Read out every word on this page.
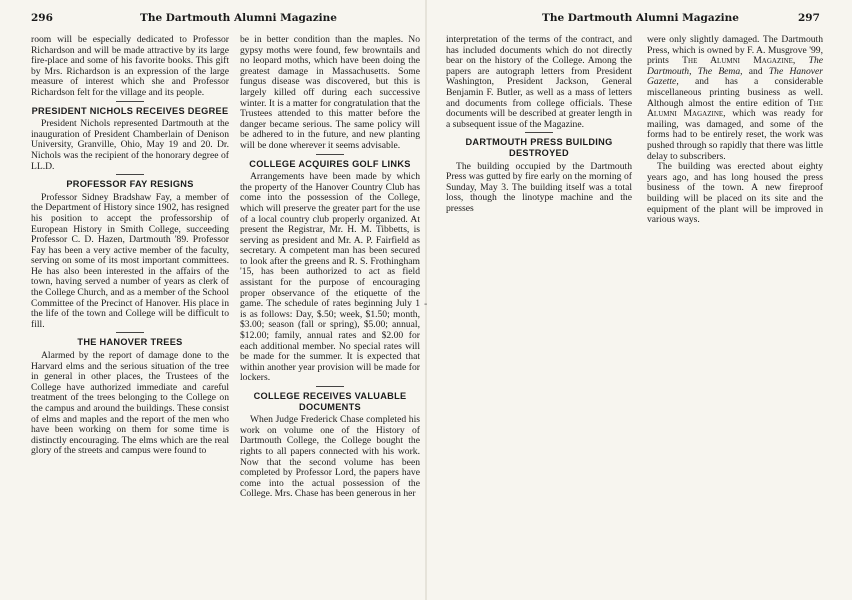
296	The Dartmouth Alumni Magazine

room will be especially dedicated to Professor Richardson and will be made attractive by its large fire-place and some of his favorite books. This gift by Mrs. Richardson is an expression of the large measure of interest which she and Professor Richardson felt for the village and its people.

PRESIDENT NICHOLS RECEIVES DEGREE

President Nichols represented Dartmouth at the inauguration of President Chamberlain of Denison University, Granville, Ohio, May 19 and 20. Dr. Nichols was the recipient of the honorary degree of LL.D.

PROFESSOR FAY RESIGNS

Professor Sidney Bradshaw Fay, a member of the Department of History since 1902, has resigned his position to accept the professorship of European History in Smith College, succeeding Professor C. D. Hazen, Dartmouth '89. Professor Fay has been a very active member of the faculty, serving on some of its most important committees. He has also been interested in the affairs of the town, having served a number of years as clerk of the College Church, and as a member of the School Committee of the Precinct of Hanover. His place in the life of the town and College will be difficult to fill.

THE HANOVER TREES

Alarmed by the report of damage done to the Harvard elms and the serious situation of the tree in general in other places, the Trustees of the College have authorized immediate and careful treatment of the trees belonging to the College on the campus and around the buildings. These consist of elms and maples and the report of the men who have been working on them for some time is distinctly encouraging. The elms which are the real glory of the streets and campus were found to

be in better condition than the maples. No gypsy moths were found, few browntails and no leopard moths, which have been doing the greatest damage in Massachusetts. Some fungus disease was discovered, but this is largely killed off during each successive winter. It is a matter for congratulation that the Trustees attended to this matter before the danger became serious. The same policy will be adhered to in the future, and new planting will be done wherever it seems advisable.

COLLEGE ACQUIRES GOLF LINKS

Arrangements have been made by which the property of the Hanover Country Club has come into the possession of the College, which will preserve the greater part for the use of a local country club properly organized. At present the Registrar, Mr. H. M. Tibbetts, is serving as president and Mr. A. P. Fairfield as secretary. A competent man has been secured to look after the greens and R. S. Frothingham '15, has been authorized to act as field assistant for the purpose of encouraging proper observance of the etiquette of the game. The schedule of rates beginning July 1 is as follows: Day, $.50; week, $1.50; month, $3.00; season (fall or spring), $5.00; annual, $12.00; family, annual rates and $2.00 for each additional member. No special rates will be made for the summer. It is expected that within another year provision will be made for lockers.

COLLEGE RECEIVES VALUABLE DOCUMENTS

When Judge Frederick Chase completed his work on volume one of the History of Dartmouth College, the College bought the rights to all papers connected with his work. Now that the second volume has been completed by Professor Lord, the papers have come into the actual possession of the College. Mrs. Chase has been generous in her

-
The Dartmouth Alumni Magazine	297

interpretation of the terms of the contract, and has included documents which do not directly bear on the history of the College. Among the papers are autograph letters from President Washington, President Jackson, General Benjamin F. Butler, as well as a mass of letters and documents from college officials. These documents will be described at greater length in a subsequent issue of the Magazine.

DARTMOUTH PRESS BUILDING DESTROYED

The building occupied by the Dartmouth Press was gutted by fire early on the morning of Sunday, May 3. The building itself was a total loss, though the linotype machine and the presses

were only slightly damaged. The Dartmouth Press, which is owned by F. A. Musgrove '99, prints The Alumni Magazine, The Dartmouth, The Bema, and The Hanover Gazette, and has a considerable miscellaneous printing business as well. Although almost the entire edition of The Alumni Magazine, which was ready for mailing, was damaged, and some of the forms had to be entirely reset, the work was pushed through so rapidly that there was little delay to subscribers.

The building was erected about eighty years ago, and has long housed the press business of the town. A new fireproof building will be placed on its site and the equipment of the plant will be improved in various ways.
